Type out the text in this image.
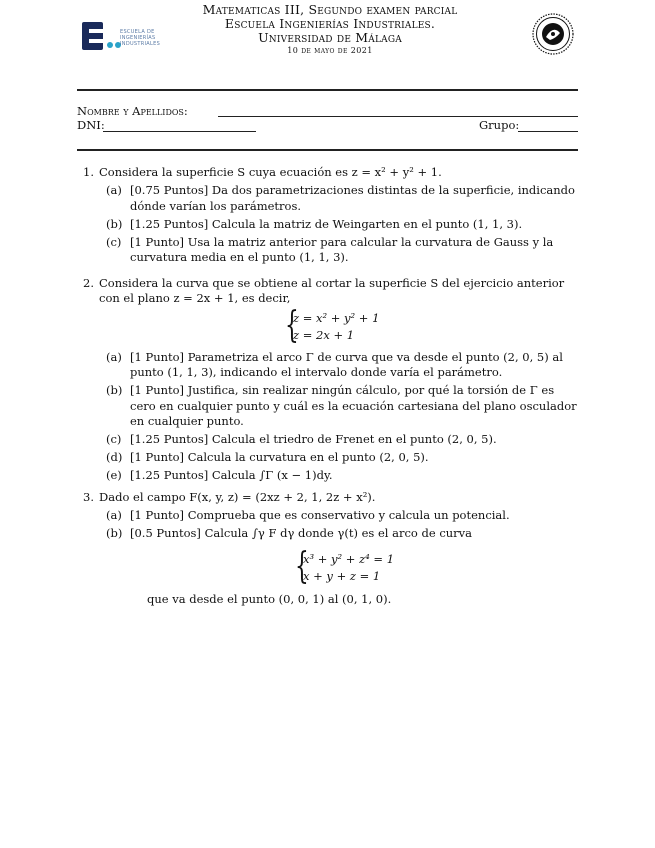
ESCUELA DE
INGENIERÍAS
INDUSTRIALES
Matematicas III, Segundo examen parcial
Escuela Ingenierías Industriales.
Universidad de Málaga
10 de mayo de 2021
Nombre y Apellidos:
DNI:	Grupo:
1. Considera la superficie S cuya ecuación es z = x² + y² + 1.
(a) [0.75 Puntos] Da dos parametrizaciones distintas de la superficie, indicando dónde varían los parámetros.
(b) [1.25 Puntos] Calcula la matriz de Weingarten en el punto (1, 1, 3).
(c) [1 Punto] Usa la matriz anterior para calcular la curvatura de Gauss y la curvatura media en el punto (1, 1, 3).
2. Considera la curva que se obtiene al cortar la superficie S del ejercicio anterior con el plano z = 2x + 1, es decir,
{
z = x² + y² + 1
z = 2x + 1
(a) [1 Punto] Parametriza el arco Γ de curva que va desde el punto (2, 0, 5) al punto (1, 1, 3), indicando el intervalo donde varía el parámetro.
(b) [1 Punto] Justifica, sin realizar ningún cálculo, por qué la torsión de Γ es cero en cualquier punto y cuál es la ecuación cartesiana del plano osculador en cualquier punto.
(c) [1.25 Puntos] Calcula el triedro de Frenet en el punto (2, 0, 5).
(d) [1 Punto] Calcula la curvatura en el punto (2, 0, 5).
(e) [1.25 Puntos] Calcula ∫Γ (x − 1)dy.
3. Dado el campo F(x, y, z) = (2xz + 2, 1, 2z + x²).
(a) [1 Punto] Comprueba que es conservativo y calcula un potencial.
(b) [0.5 Puntos] Calcula ∫γ F dγ donde γ(t) es el arco de curva
{
x³ + y² + z⁴ = 1
x + y + z = 1
que va desde el punto (0, 0, 1) al (0, 1, 0).
